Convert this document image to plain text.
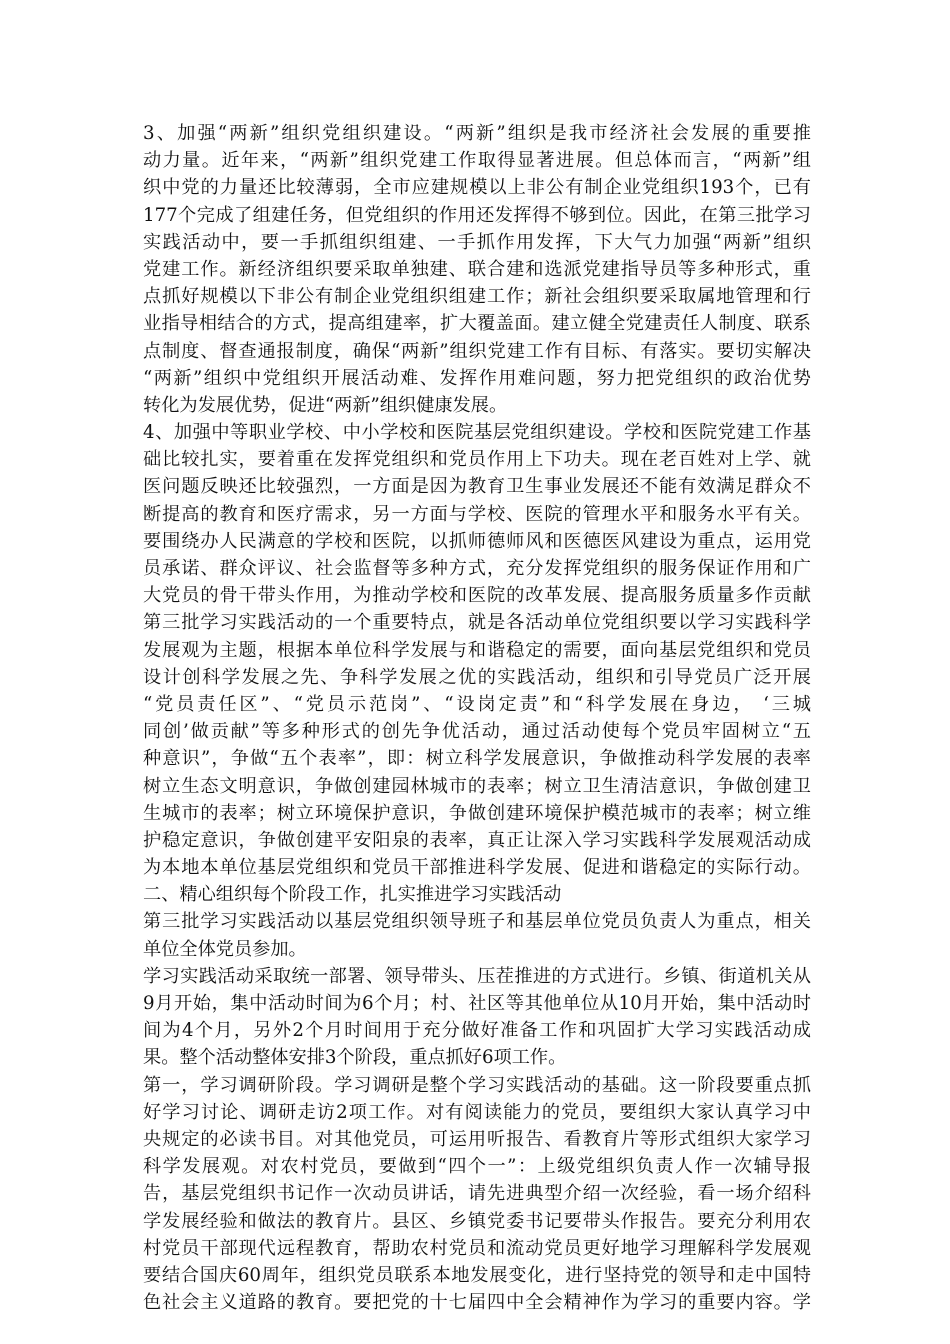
3、加强“两新”组织党组织建设。“两新”组织是我市经济社会发展的重要推
动力量。近年来，“两新”组织党建工作取得显著进展。但总体而言，“两新”组
织中党的力量还比较薄弱，全市应建规模以上非公有制企业党组织193个，已有
177个完成了组建任务，但党组织的作用还发挥得不够到位。因此，在第三批学习
实践活动中，要一手抓组织组建、一手抓作用发挥，下大气力加强“两新”组织
党建工作。新经济组织要采取单独建、联合建和选派党建指导员等多种形式，重
点抓好规模以下非公有制企业党组织组建工作；新社会组织要采取属地管理和行
业指导相结合的方式，提高组建率，扩大覆盖面。建立健全党建责任人制度、联系
点制度、督查通报制度，确保“两新”组织党建工作有目标、有落实。要切实解决
“两新”组织中党组织开展活动难、发挥作用难问题，努力把党组织的政治优势
转化为发展优势，促进“两新”组织健康发展。
4、加强中等职业学校、中小学校和医院基层党组织建设。学校和医院党建工作基
础比较扎实，要着重在发挥党组织和党员作用上下功夫。现在老百姓对上学、就
医问题反映还比较强烈，一方面是因为教育卫生事业发展还不能有效满足群众不
断提高的教育和医疗需求，另一方面与学校、医院的管理水平和服务水平有关。
要围绕办人民满意的学校和医院，以抓师德师风和医德医风建设为重点，运用党
员承诺、群众评议、社会监督等多种方式，充分发挥党组织的服务保证作用和广
大党员的骨干带头作用，为推动学校和医院的改革发展、提高服务质量多作贡献
第三批学习实践活动的一个重要特点，就是各活动单位党组织要以学习实践科学
发展观为主题，根据本单位科学发展与和谐稳定的需要，面向基层党组织和党员
设计创科学发展之先、争科学发展之优的实践活动，组织和引导党员广泛开展
“党员责任区”、“党员示范岗”、“设岗定责”和“科学发展在身边， ‘三城
同创’做贡献”等多种形式的创先争优活动，通过活动使每个党员牢固树立“五
种意识”，争做“五个表率”，即：树立科学发展意识，争做推动科学发展的表率
树立生态文明意识，争做创建园林城市的表率；树立卫生清洁意识，争做创建卫
生城市的表率；树立环境保护意识，争做创建环境保护模范城市的表率；树立维
护稳定意识，争做创建平安阳泉的表率，真正让深入学习实践科学发展观活动成
为本地本单位基层党组织和党员干部推进科学发展、促进和谐稳定的实际行动。
二、精心组织每个阶段工作，扎实推进学习实践活动
第三批学习实践活动以基层党组织领导班子和基层单位党员负责人为重点，相关
单位全体党员参加。
学习实践活动采取统一部署、领导带头、压茬推进的方式进行。乡镇、街道机关从
9月开始，集中活动时间为6个月；村、社区等其他单位从10月开始，集中活动时
间为4个月，另外2个月时间用于充分做好准备工作和巩固扩大学习实践活动成
果。整个活动整体安排3个阶段，重点抓好6项工作。
第一，学习调研阶段。学习调研是整个学习实践活动的基础。这一阶段要重点抓
好学习讨论、调研走访2项工作。对有阅读能力的党员，要组织大家认真学习中
央规定的必读书目。对其他党员，可运用听报告、看教育片等形式组织大家学习
科学发展观。对农村党员，要做到“四个一”：上级党组织负责人作一次辅导报
告，基层党组织书记作一次动员讲话，请先进典型介绍一次经验，看一场介绍科
学发展经验和做法的教育片。县区、乡镇党委书记要带头作报告。要充分利用农
村党员干部现代远程教育，帮助农村党员和流动党员更好地学习理解科学发展观
要结合国庆60周年，组织党员联系本地发展变化，进行坚持党的领导和走中国特
色社会主义道路的教育。要把党的十七届四中全会精神作为学习的重要内容。学
